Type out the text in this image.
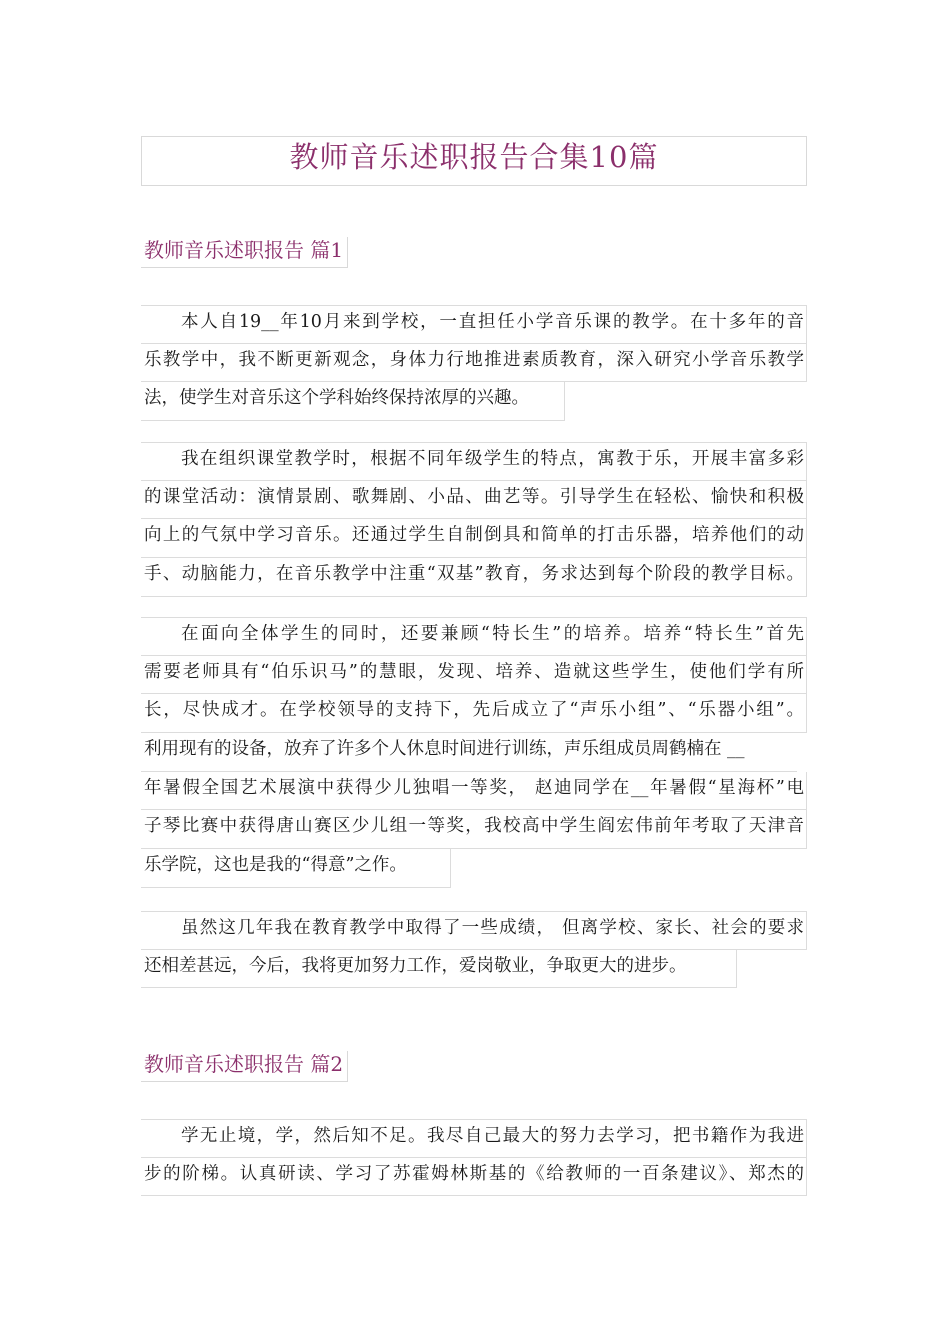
教师音乐述职报告合集10篇
教师音乐述职报告 篇1
本人自19__年10月来到学校，一直担任小学音乐课的教学。在十多年的音
乐教学中，我不断更新观念，身体力行地推进素质教育，深入研究小学音乐教学
法，使学生对音乐这个学科始终保持浓厚的兴趣。
我在组织课堂教学时，根据不同年级学生的特点，寓教于乐，开展丰富多彩
的课堂活动：演情景剧、歌舞剧、小品、曲艺等。引导学生在轻松、愉快和积极
向上的气氛中学习音乐。还通过学生自制倒具和简单的打击乐器，培养他们的动
手、动脑能力，在音乐教学中注重“双基”教育，务求达到每个阶段的教学目标。
在面向全体学生的同时，还要兼顾“特长生”的培养。培养“特长生”首先
需要老师具有“伯乐识马”的慧眼，发现、培养、造就这些学生，使他们学有所
长，尽快成才。在学校领导的支持下，先后成立了“声乐小组”、“乐器小组”。
利用现有的设备，放弃了许多个人休息时间进行训练，声乐组成员周鹤楠在 __
年暑假全国艺术展演中获得少儿独唱一等奖， 赵迪同学在__年暑假“星海杯”电
子琴比赛中获得唐山赛区少儿组一等奖，我校高中学生阎宏伟前年考取了天津音
乐学院，这也是我的“得意”之作。
虽然这几年我在教育教学中取得了一些成绩， 但离学校、家长、社会的要求
还相差甚远，今后，我将更加努力工作，爱岗敬业，争取更大的进步。
教师音乐述职报告 篇2
学无止境，学，然后知不足。我尽自己最大的努力去学习，把书籍作为我进
步的阶梯。认真研读、学习了苏霍姆林斯基的《给教师的一百条建议》、郑杰的
